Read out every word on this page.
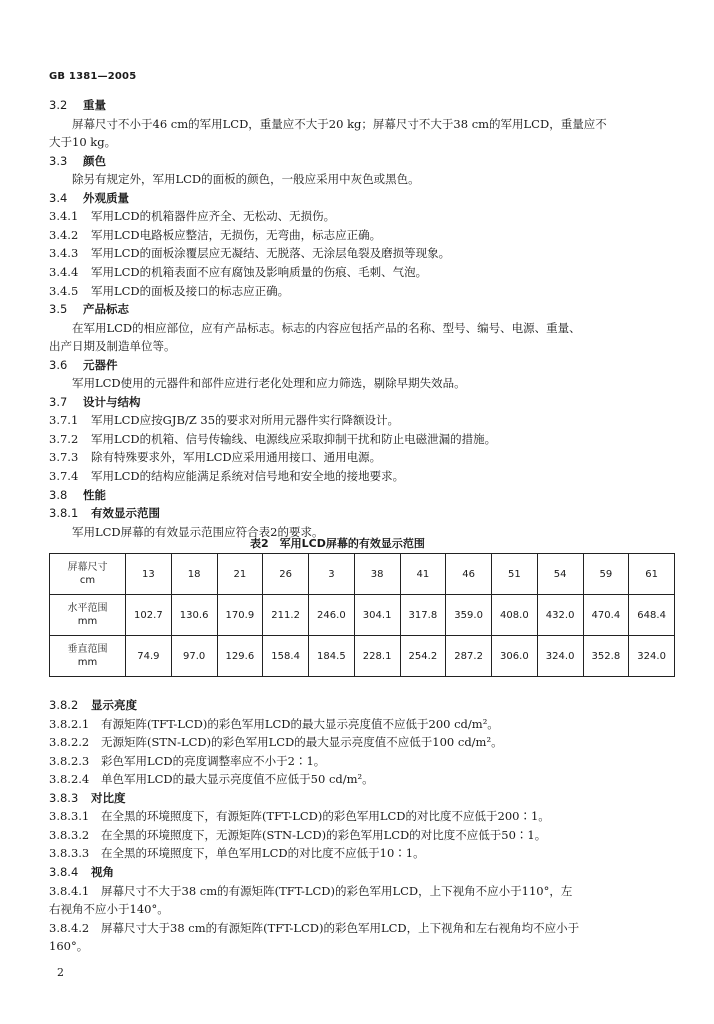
GB 1381—2005
3.2 重量
屏幕尺寸不小于46 cm的军用LCD，重量应不大于20 kg；屏幕尺寸不大于38 cm的军用LCD，重量应不
大于10 kg。
3.3 颜色
除另有规定外，军用LCD的面板的颜色，一般应采用中灰色或黑色。
3.4 外观质量
3.4.1 军用LCD的机箱器件应齐全、无松动、无损伤。
3.4.2 军用LCD电路板应整洁，无损伤，无弯曲，标志应正确。
3.4.3 军用LCD的面板涂覆层应无凝结、无脱落、无涂层龟裂及磨损等现象。
3.4.4 军用LCD的机箱表面不应有腐蚀及影响质量的伤痕、毛刺、气泡。
3.4.5 军用LCD的面板及接口的标志应正确。
3.5 产品标志
在军用LCD的相应部位，应有产品标志。标志的内容应包括产品的名称、型号、编号、电源、重量、
出产日期及制造单位等。
3.6 元器件
军用LCD使用的元器件和部件应进行老化处理和应力筛选，剔除早期失效品。
3.7 设计与结构
3.7.1 军用LCD应按GJB/Z 35的要求对所用元器件实行降额设计。
3.7.2 军用LCD的机箱、信号传输线、电源线应采取抑制干扰和防止电磁泄漏的措施。
3.7.3 除有特殊要求外，军用LCD应采用通用接口、通用电源。
3.7.4 军用LCD的结构应能满足系统对信号地和安全地的接地要求。
3.8 性能
3.8.1 有效显示范围
军用LCD屏幕的有效显示范围应符合表2的要求。
表2　军用LCD屏幕的有效显示范围
屏幕尺寸
cm	13	18	21	26	3	38	41	46	51	54	59	61
水平范围
mm	102.7	130.6	170.9	211.2	246.0	304.1	317.8	359.0	408.0	432.0	470.4	648.4
垂直范围
mm	74.9	97.0	129.6	158.4	184.5	228.1	254.2	287.2	306.0	324.0	352.8	324.0
3.8.2 显示亮度
3.8.2.1 有源矩阵(TFT-LCD)的彩色军用LCD的最大显示亮度值不应低于200 cd/m²。
3.8.2.2 无源矩阵(STN-LCD)的彩色军用LCD的最大显示亮度值不应低于100 cd/m²。
3.8.2.3 彩色军用LCD的亮度调整率应不小于2∶1。
3.8.2.4 单色军用LCD的最大显示亮度值不应低于50 cd/m²。
3.8.3 对比度
3.8.3.1 在全黑的环境照度下，有源矩阵(TFT-LCD)的彩色军用LCD的对比度不应低于200∶1。
3.8.3.2 在全黑的环境照度下，无源矩阵(STN-LCD)的彩色军用LCD的对比度不应低于50∶1。
3.8.3.3 在全黑的环境照度下，单色军用LCD的对比度不应低于10∶1。
3.8.4 视角
3.8.4.1 屏幕尺寸不大于38 cm的有源矩阵(TFT-LCD)的彩色军用LCD，上下视角不应小于110°，左
右视角不应小于140°。
3.8.4.2 屏幕尺寸大于38 cm的有源矩阵(TFT-LCD)的彩色军用LCD，上下视角和左右视角均不应小于
160°。
2
